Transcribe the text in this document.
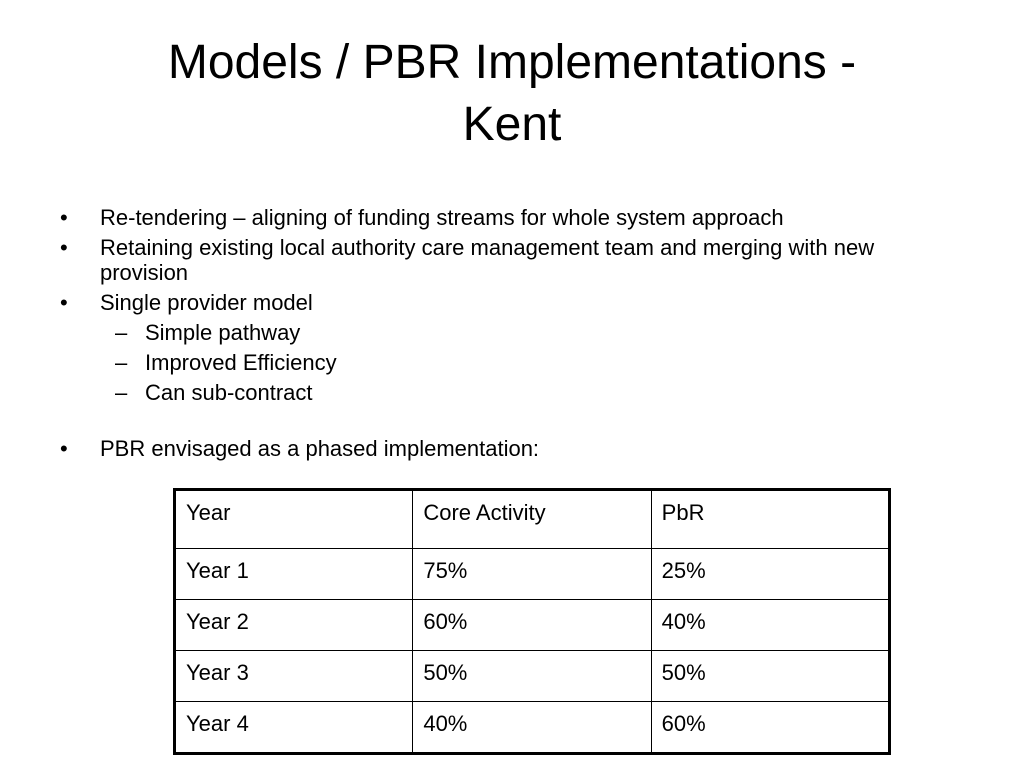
Models / PBR Implementations -
Kent
•	Re-tendering – aligning of funding streams for whole system approach
•	Retaining existing local authority care management team and merging with new provision
•	Single provider model
– Simple pathway
– Improved Efficiency
– Can sub-contract
•	PBR envisaged as a phased implementation:
Year	Core Activity	PbR
Year 1	75%	25%
Year 2	60%	40%
Year 3	50%	50%
Year 4	40%	60%
